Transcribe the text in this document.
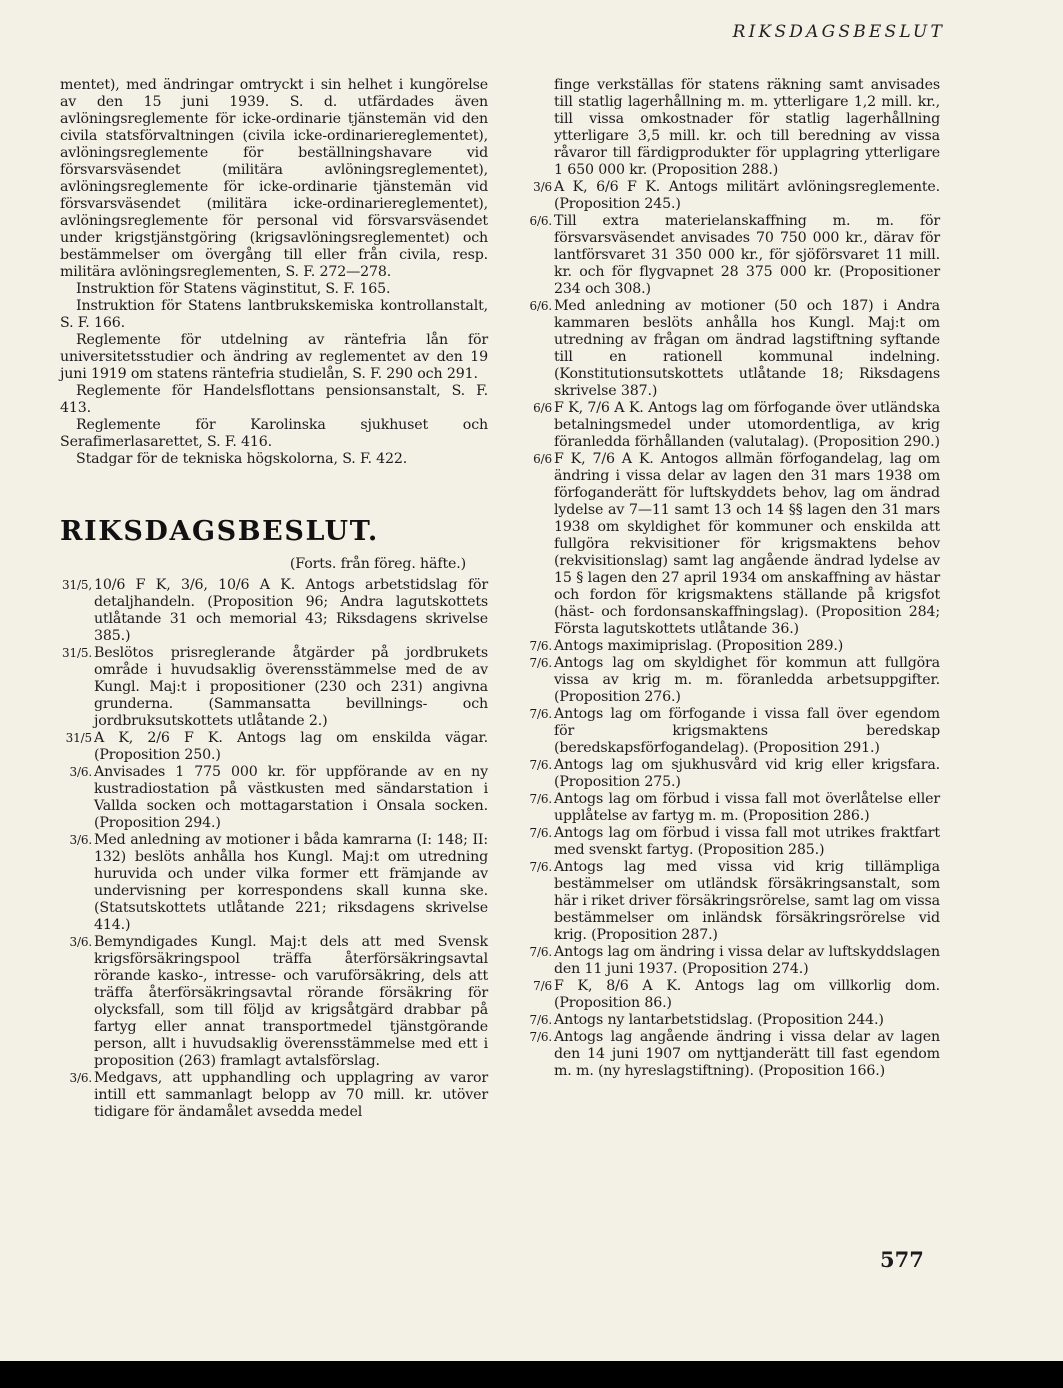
RIKSDAGSBESLUT

mentet), med ändringar omtryckt i sin helhet i kungörelse av den 15 juni 1939. S. d. utfärdades även avlöningsreglemente för icke-ordinarie tjänstemän vid den civila statsförvaltningen (civila icke-ordinariereglementet), avlöningsreglemente för beställningshavare vid försvarsväsendet (militära avlöningsreglementet), avlöningsreglemente för icke-ordinarie tjänstemän vid försvarsväsendet (militära icke-ordinariereglementet), avlöningsreglemente för personal vid försvarsväsendet under krigstjänstgöring (krigsavlöningsreglementet) och bestämmelser om övergång till eller från civila, resp. militära avlöningsreglementen, S. F. 272—278.

Instruktion för Statens väginstitut, S. F. 165.

Instruktion för Statens lantbrukskemiska kontrollanstalt, S. F. 166.

Reglemente för utdelning av räntefria lån för universitetsstudier och ändring av reglementet av den 19 juni 1919 om statens räntefria studielån, S. F. 290 och 291.

Reglemente för Handelsflottans pensionsanstalt, S. F. 413.

Reglemente för Karolinska sjukhuset och Serafimerlasarettet, S. F. 416.

Stadgar för de tekniska högskolorna, S. F. 422.

RIKSDAGSBESLUT.
(Forts. från föreg. häfte.)
31/5, 10/6 F K, 3/6, 10/6 A K. Antogs arbetstidslag för detaljhandeln. (Proposition 96; Andra lagutskottets utlåtande 31 och memorial 43; Riksdagens skrivelse 385.)
31/5. Beslötos prisreglerande åtgärder på jordbrukets område i huvudsaklig överensstämmelse med de av Kungl. Maj:t i propositioner (230 och 231) angivna grunderna. (Sammansatta bevillnings- och jordbruksutskottets utlåtande 2.)
31/5 A K, 2/6 F K. Antogs lag om enskilda vägar. (Proposition 250.)
3/6. Anvisades 1 775 000 kr. för uppförande av en ny kustradiostation på västkusten med sändarstation i Vallda socken och mottagarstation i Onsala socken. (Proposition 294.)
3/6. Med anledning av motioner i båda kamrarna (I: 148; II: 132) beslöts anhålla hos Kungl. Maj:t om utredning huruvida och under vilka former ett främjande av undervisning per korrespondens skall kunna ske. (Statsutskottets utlåtande 221; riksdagens skrivelse 414.)
3/6. Bemyndigades Kungl. Maj:t dels att med Svensk krigsförsäkringspool träffa återförsäkringsavtal rörande kasko-, intresse- och varuförsäkring, dels att träffa återförsäkringsavtal rörande försäkring för olycksfall, som till följd av krigsåtgärd drabbar på fartyg eller annat transportmedel tjänstgörande person, allt i huvudsaklig överensstämmelse med ett i proposition (263) framlagt avtalsförslag.
3/6. Medgavs, att upphandling och upplagring av varor intill ett sammanlagt belopp av 70 mill. kr. utöver tidigare för ändamålet avsedda medel
finge verkställas för statens räkning samt anvisades till statlig lagerhållning m. m. ytterligare 1,2 mill. kr., till vissa omkostnader för statlig lagerhållning ytterligare 3,5 mill. kr. och till beredning av vissa råvaror till färdigprodukter för upplagring ytterligare 1 650 000 kr. (Proposition 288.)
3/6 A K, 6/6 F K. Antogs militärt avlöningsreglemente. (Proposition 245.)
6/6. Till extra materielanskaffning m. m. för försvarsväsendet anvisades 70 750 000 kr., därav för lantförsvaret 31 350 000 kr., för sjöförsvaret 11 mill. kr. och för flygvapnet 28 375 000 kr. (Propositioner 234 och 308.)
6/6. Med anledning av motioner (50 och 187) i Andra kammaren beslöts anhålla hos Kungl. Maj:t om utredning av frågan om ändrad lagstiftning syftande till en rationell kommunal indelning. (Konstitutionsutskottets utlåtande 18; Riksdagens skrivelse 387.)
6/6 F K, 7/6 A K. Antogs lag om förfogande över utländska betalningsmedel under utomordentliga, av krig föranledda förhållanden (valutalag). (Proposition 290.)
6/6 F K, 7/6 A K. Antogos allmän förfogandelag, lag om ändring i vissa delar av lagen den 31 mars 1938 om förfoganderätt för luftskyddets behov, lag om ändrad lydelse av 7—11 samt 13 och 14 §§ lagen den 31 mars 1938 om skyldighet för kommuner och enskilda att fullgöra rekvisitioner för krigsmaktens behov (rekvisitionslag) samt lag angående ändrad lydelse av 15 § lagen den 27 april 1934 om anskaffning av hästar och fordon för krigsmaktens ställande på krigsfot (häst- och fordonsanskaffningslag). (Proposition 284; Första lagutskottets utlåtande 36.)
7/6. Antogs maximiprislag. (Proposition 289.)
7/6. Antogs lag om skyldighet för kommun att fullgöra vissa av krig m. m. föranledda arbetsuppgifter. (Proposition 276.)
7/6. Antogs lag om förfogande i vissa fall över egendom för krigsmaktens beredskap (beredskapsförfogandelag). (Proposition 291.)
7/6. Antogs lag om sjukhusvård vid krig eller krigsfara. (Proposition 275.)
7/6. Antogs lag om förbud i vissa fall mot överlåtelse eller upplåtelse av fartyg m. m. (Proposition 286.)
7/6. Antogs lag om förbud i vissa fall mot utrikes fraktfart med svenskt fartyg. (Proposition 285.)
7/6. Antogs lag med vissa vid krig tillämpliga bestämmelser om utländsk försäkringsanstalt, som här i riket driver försäkringsrörelse, samt lag om vissa bestämmelser om inländsk försäkringsrörelse vid krig. (Proposition 287.)
7/6. Antogs lag om ändring i vissa delar av luftskyddslagen den 11 juni 1937. (Proposition 274.)
7/6 F K, 8/6 A K. Antogs lag om villkorlig dom. (Proposition 86.)
7/6. Antogs ny lantarbetstidslag. (Proposition 244.)
7/6. Antogs lag angående ändring i vissa delar av lagen den 14 juni 1907 om nyttjanderätt till fast egendom m. m. (ny hyreslagstiftning). (Proposition 166.)
577
